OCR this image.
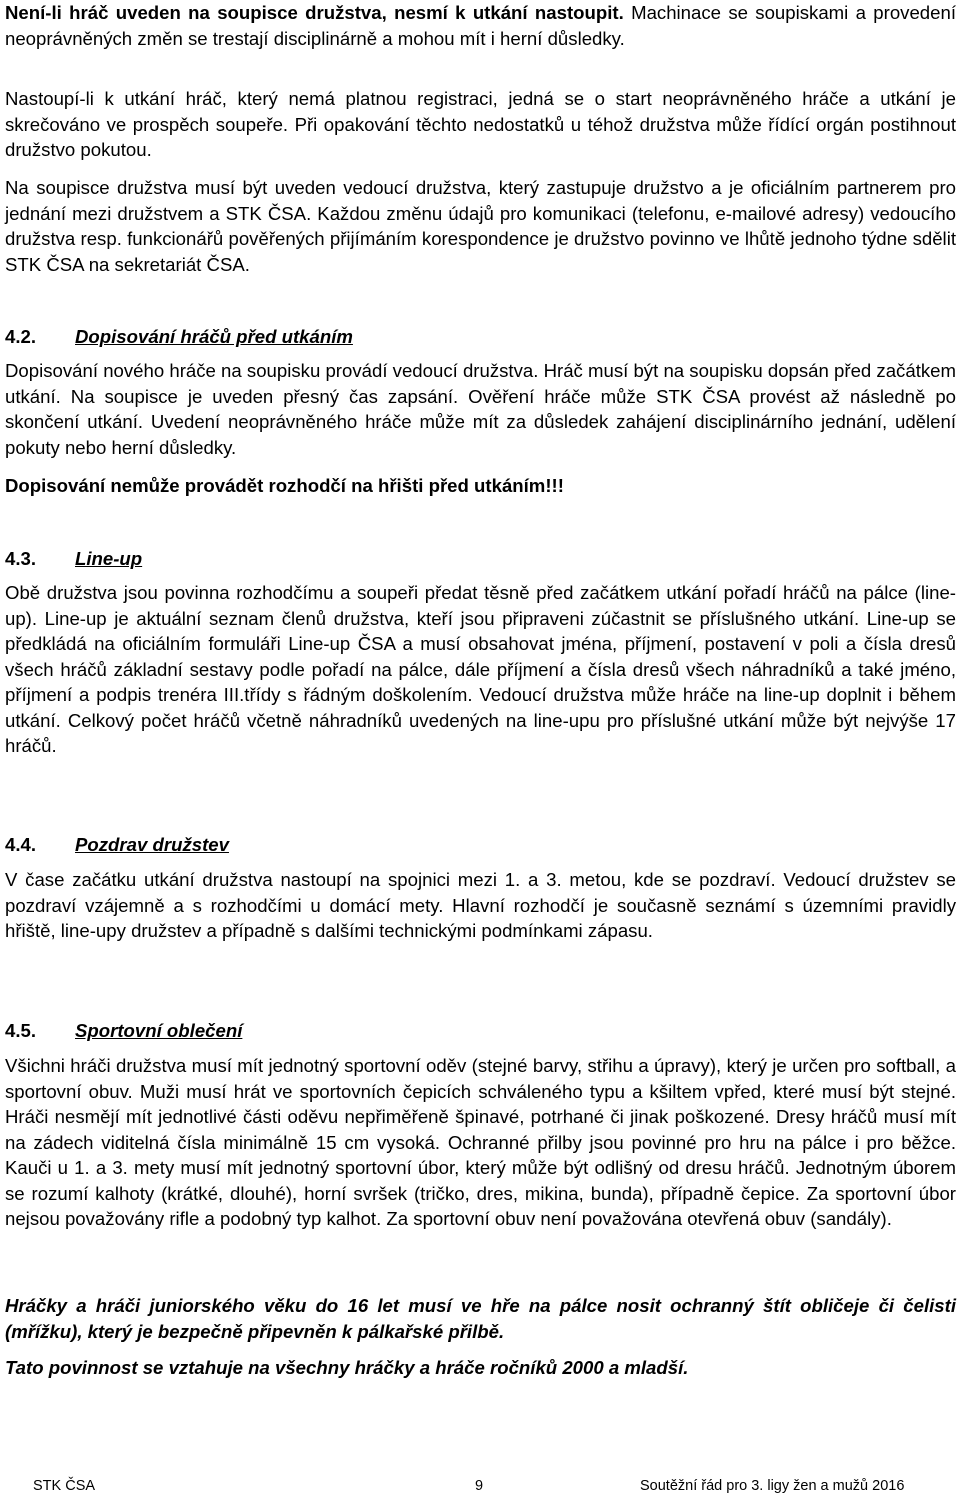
Není-li hráč uveden na soupisce družstva, nesmí k utkání nastoupit. Machinace se soupiskami a provedení neoprávněných změn se trestají disciplinárně a mohou mít i herní důsledky.

Nastoupí-li k utkání hráč, který nemá platnou registraci, jedná se o start neoprávněného hráče a utkání je skrečováno ve prospěch soupeře. Při opakování těchto nedostatků u téhož družstva může řídící orgán postihnout družstvo pokutou.

Na soupisce družstva musí být uveden vedoucí družstva, který zastupuje družstvo a je oficiálním partnerem pro jednání mezi družstvem a STK ČSA. Každou změnu údajů pro komunikaci (telefonu, e-mailové adresy) vedoucího družstva resp. funkcionářů pověřených přijímáním korespondence je družstvo povinno ve lhůtě jednoho týdne sdělit STK ČSA na sekretariát ČSA.

4.2. Dopisování hráčů před utkáním

Dopisování nového hráče na soupisku provádí vedoucí družstva. Hráč musí být na soupisku dopsán před začátkem utkání. Na soupisce je uveden přesný čas zapsání. Ověření hráče může STK ČSA provést až následně po skončení utkání. Uvedení neoprávněného hráče může mít za důsledek zahájení disciplinárního jednání, udělení pokuty nebo herní důsledky.

Dopisování nemůže provádět rozhodčí na hřišti před utkáním!!!

4.3. Line-up

Obě družstva jsou povinna rozhodčímu a soupeři předat těsně před začátkem utkání pořadí hráčů na pálce (line-up). Line-up je aktuální seznam členů družstva, kteří jsou připraveni zúčastnit se příslušného utkání. Line-up se předkládá na oficiálním formuláři Line-up ČSA a musí obsahovat jména, příjmení, postavení v poli a čísla dresů všech hráčů základní sestavy podle pořadí na pálce, dále příjmení a čísla dresů všech náhradníků a také jméno, příjmení a podpis trenéra III.třídy s řádným doškolením. Vedoucí družstva může hráče na line-up doplnit i během utkání. Celkový počet hráčů včetně náhradníků uvedených na line-upu pro příslušné utkání může být nejvýše 17 hráčů.

4.4. Pozdrav družstev

V čase začátku utkání družstva nastoupí na spojnici mezi 1. a 3. metou, kde se pozdraví. Vedoucí družstev se pozdraví vzájemně a s rozhodčími u domácí mety. Hlavní rozhodčí je současně seznámí s územními pravidly hřiště, line-upy družstev a případně s dalšími technickými podmínkami zápasu.

4.5. Sportovní oblečení

Všichni hráči družstva musí mít jednotný sportovní oděv (stejné barvy, střihu a úpravy), který je určen pro softball, a sportovní obuv. Muži musí hrát ve sportovních čepicích schváleného typu a kšiltem vpřed, které musí být stejné. Hráči nesmějí mít jednotlivé části oděvu nepřiměřeně špinavé, potrhané či jinak poškozené. Dresy hráčů musí mít na zádech viditelná čísla minimálně 15 cm vysoká. Ochranné přilby jsou povinné pro hru na pálce i pro běžce. Kauči u 1. a 3. mety musí mít jednotný sportovní úbor, který může být odlišný od dresu hráčů. Jednotným úborem se rozumí kalhoty (krátké, dlouhé), horní svršek (tričko, dres, mikina, bunda), případně čepice. Za sportovní úbor nejsou považovány rifle a podobný typ kalhot. Za sportovní obuv není považována otevřená obuv (sandály).

Hráčky a hráči juniorského věku do 16 let musí ve hře na pálce nosit ochranný štít obličeje či čelisti (mřížku), který je bezpečně připevněn k pálkařské přilbě.

Tato povinnost se vztahuje na všechny hráčky a hráče ročníků 2000 a mladší.

STK ČSA	9	Soutěžní řád pro 3. ligy žen a mužů 2016
